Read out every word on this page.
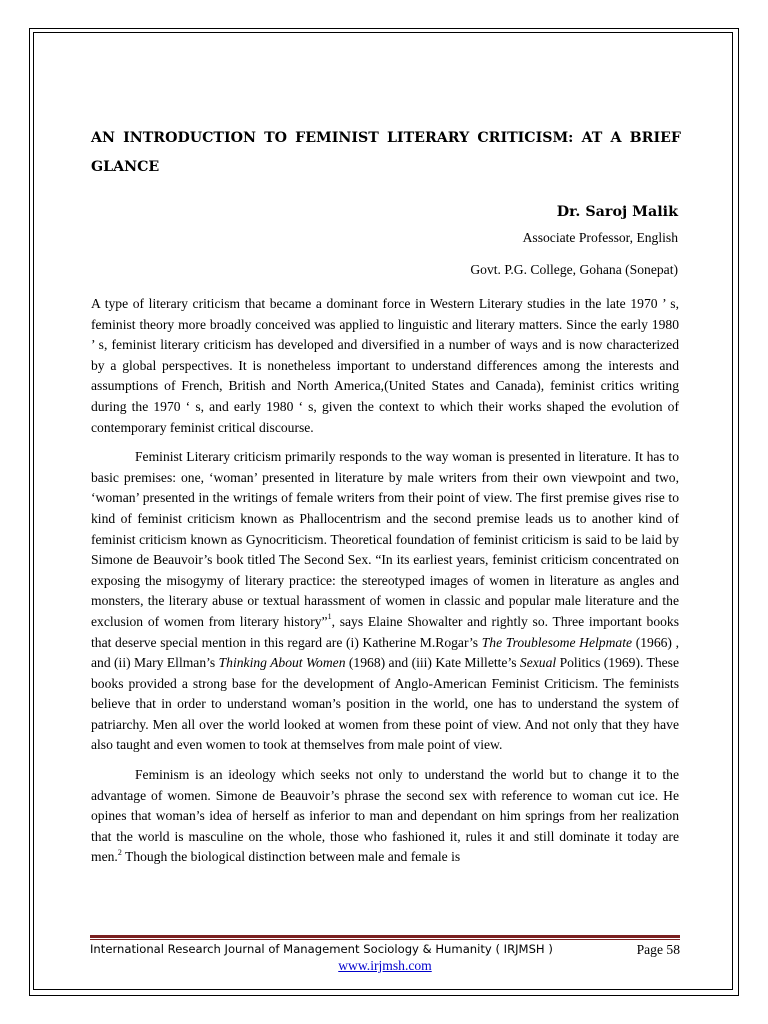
AN INTRODUCTION TO FEMINIST LITERARY CRITICISM: AT A BRIEF GLANCE
Dr. Saroj Malik
Associate Professor, English
Govt. P.G. College, Gohana (Sonepat)

A type of literary criticism that became a dominant force in Western Literary studies in the late 1970 ’ s, feminist theory more broadly conceived was applied to linguistic and literary matters. Since the early 1980 ’ s, feminist literary criticism has developed and diversified in a number of ways and is now characterized by a global perspectives. It is nonetheless important to understand differences among the interests and assumptions of French, British and North America,(United States and Canada), feminist critics writing during the 1970 ‘ s, and early 1980 ‘ s, given the context to which their works shaped the evolution of contemporary feminist critical discourse.

Feminist Literary criticism primarily responds to the way woman is presented in literature. It has to basic premises: one, ‘woman’ presented in literature by male writers from their own viewpoint and two, ‘woman’ presented in the writings of female writers from their point of view. The first premise gives rise to kind of feminist criticism known as Phallocentrism and the second premise leads us to another kind of feminist criticism known as Gynocriticism. Theoretical foundation of feminist criticism is said to be laid by Simone de Beauvoir’s book titled The Second Sex. “In its earliest years, feminist criticism concentrated on exposing the misogymy of literary practice: the stereotyped images of women in literature as angles and monsters, the literary abuse or textual harassment of women in classic and popular male literature and the exclusion of women from literary history”$^1$, says Elaine Showalter and rightly so. Three important books that deserve special mention in this regard are (i) Katherine M.Rogar’s The Troublesome Helpmate (1966) , and (ii) Mary Ellman’s Thinking About Women (1968) and (iii) Kate Millette’s Sexual Politics (1969). These books provided a strong base for the development of Anglo-American Feminist Criticism. The feminists believe that in order to understand woman’s position in the world, one has to understand the system of patriarchy. Men all over the world looked at women from these point of view. And not only that they have also taught and even women to took at themselves from male point of view.

Feminism is an ideology which seeks not only to understand the world but to change it to the advantage of women. Simone de Beauvoir’s phrase the second sex with reference to woman cut ice. He opines that woman’s idea of herself as inferior to man and dependant on him springs from her realization that the world is masculine on the whole, those who fashioned it, rules it and still dominate it today are men.$^2$ Though the biological distinction between male and female is

International Research Journal of Management Sociology & Humanity ( IRJMSH )	Page 58
www.irjmsh.com
